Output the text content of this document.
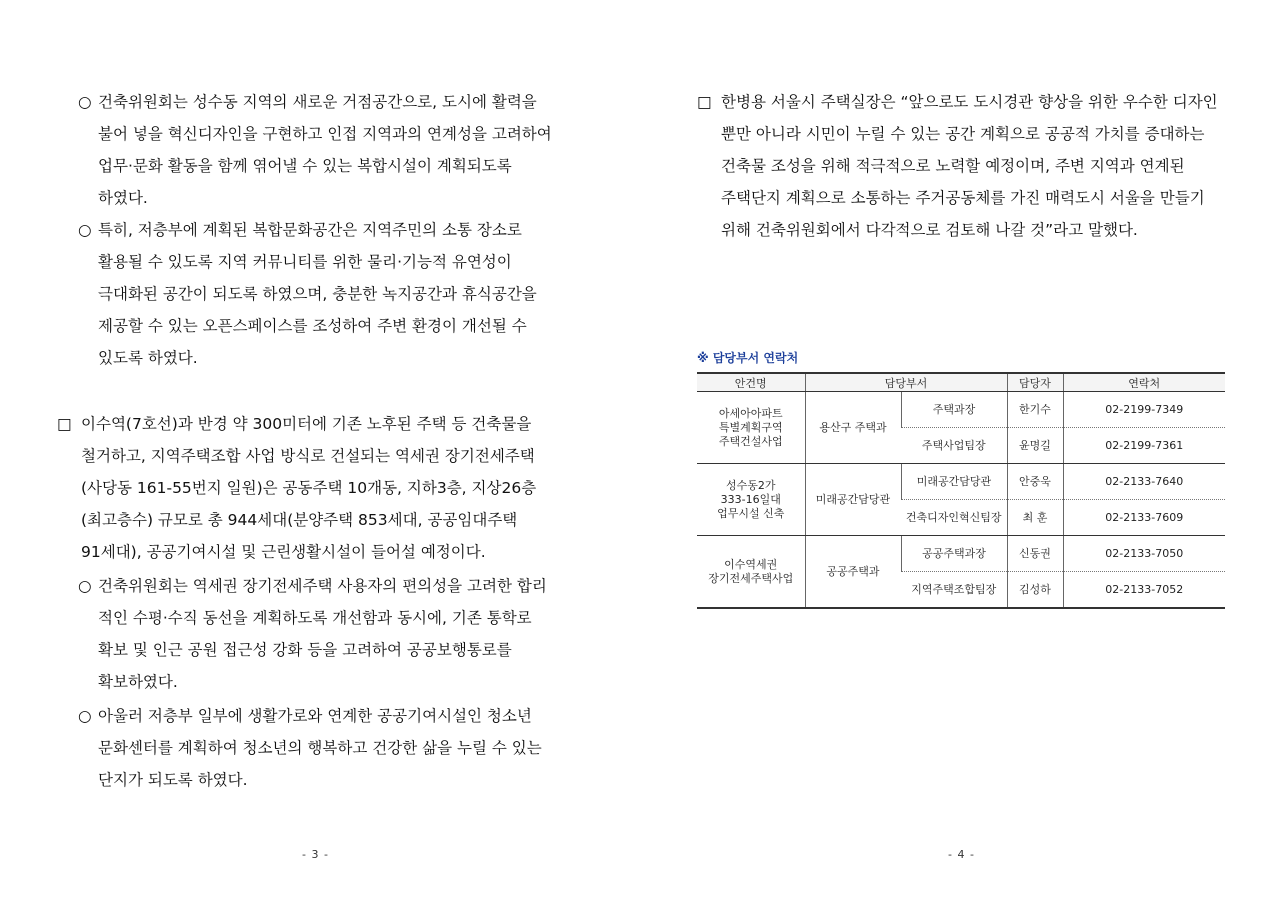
○ 건축위원회는 성수동 지역의 새로운 거점공간으로, 도시에 활력을
불어 넣을 혁신디자인을 구현하고 인접 지역과의 연계성을 고려하여
업무·문화 활동을 함께 엮어낼 수 있는 복합시설이 계획되도록
하였다.
○ 특히, 저층부에 계획된 복합문화공간은 지역주민의 소통 장소로
활용될 수 있도록 지역 커뮤니티를 위한 물리·기능적 유연성이
극대화된 공간이 되도록 하였으며, 충분한 녹지공간과 휴식공간을
제공할 수 있는 오픈스페이스를 조성하여 주변 환경이 개선될 수
있도록 하였다.
□ 이수역(7호선)과 반경 약 300미터에 기존 노후된 주택 등 건축물을
철거하고, 지역주택조합 사업 방식로 건설되는 역세권 장기전세주택
(사당동 161-55번지 일원)은 공동주택 10개동, 지하3층, 지상26층
(최고층수) 규모로 총 944세대(분양주택 853세대, 공공임대주택
91세대), 공공기여시설 및 근린생활시설이 들어설 예정이다.
○ 건축위원회는 역세권 장기전세주택 사용자의 편의성을 고려한 합리
적인 수평·수직 동선을 계획하도록 개선함과 동시에, 기존 통학로
확보 및 인근 공원 접근성 강화 등을 고려하여 공공보행통로를
확보하였다.
○ 아울러 저층부 일부에 생활가로와 연계한 공공기여시설인 청소년
문화센터를 계획하여 청소년의 행복하고 건강한 삶을 누릴 수 있는
단지가 되도록 하였다.
- 3 -
□ 한병용 서울시 주택실장은 “앞으로도 도시경관 향상을 위한 우수한 디자인
뿐만 아니라 시민이 누릴 수 있는 공간 계획으로 공공적 가치를 증대하는
건축물 조성을 위해 적극적으로 노력할 예정이며, 주변 지역과 연계된
주택단지 계획으로 소통하는 주거공동체를 가진 매력도시 서울을 만들기
위해 건축위원회에서 다각적으로 검토해 나갈 것”라고 말했다.
※ 담당부서 연락처
안건명	담당부서		담당자	연락처
아세아아파트
특별계획구역
주택건설사업	용산구 주택과	주택과장	한기수	02-2199-7349
		주택사업팀장	윤명길	02-2199-7361
성수동2가
333-16일대
업무시설 신축	미래공간담당관	미래공간담당관	안중욱	02-2133-7640
		건축디자인혁신팀장	최 훈	02-2133-7609
이수역세권
장기전세주택사업	공공주택과	공공주택과장	신동권	02-2133-7050
		지역주택조합팀장	김성하	02-2133-7052
- 4 -
